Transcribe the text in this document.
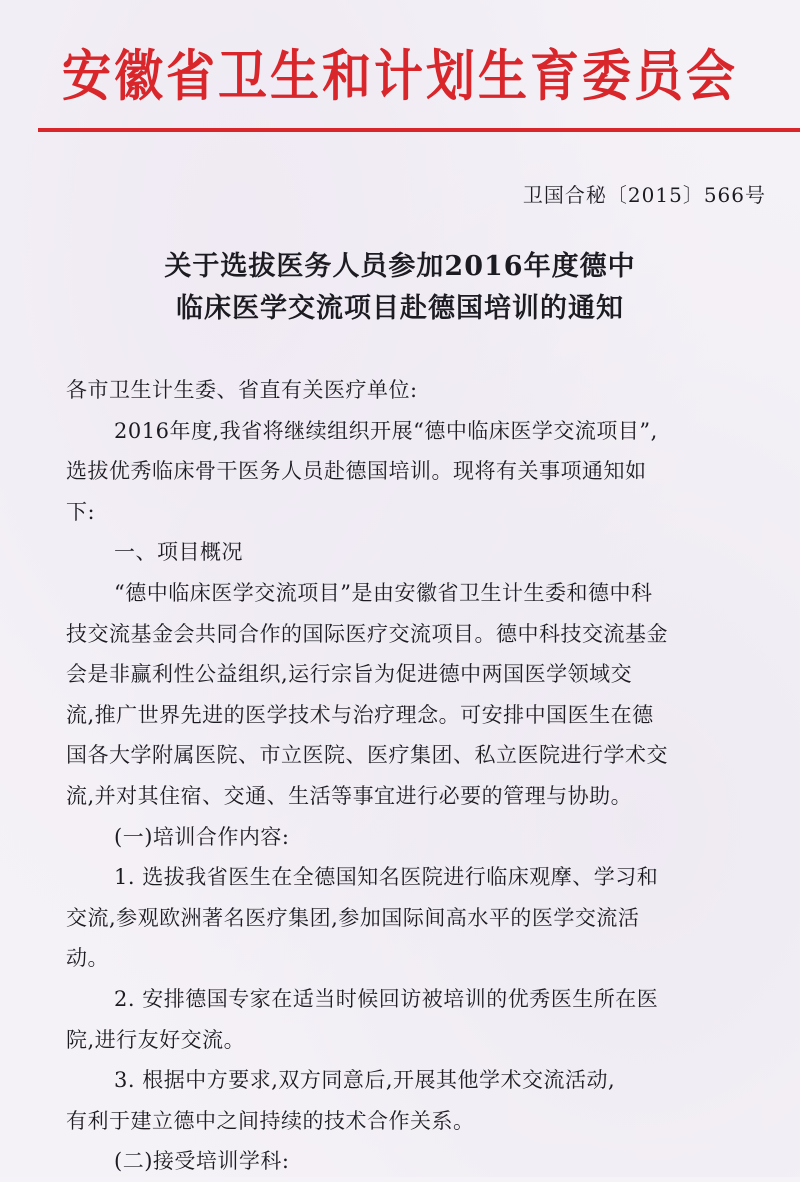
安徽省卫生和计划生育委员会
卫国合秘〔2015〕566号
关于选拔医务人员参加2016年度德中
临床医学交流项目赴德国培训的通知
各市卫生计生委、省直有关医疗单位:
2016年度,我省将继续组织开展“德中临床医学交流项目”,
选拔优秀临床骨干医务人员赴德国培训。现将有关事项通知如
下:
一、项目概况
“德中临床医学交流项目”是由安徽省卫生计生委和德中科
技交流基金会共同合作的国际医疗交流项目。德中科技交流基金
会是非赢利性公益组织,运行宗旨为促进德中两国医学领域交
流,推广世界先进的医学技术与治疗理念。可安排中国医生在德
国各大学附属医院、市立医院、医疗集团、私立医院进行学术交
流,并对其住宿、交通、生活等事宜进行必要的管理与协助。
(一)培训合作内容:
1. 选拔我省医生在全德国知名医院进行临床观摩、学习和
交流,参观欧洲著名医疗集团,参加国际间高水平的医学交流活
动。
2. 安排德国专家在适当时候回访被培训的优秀医生所在医
院,进行友好交流。
3. 根据中方要求,双方同意后,开展其他学术交流活动,
有利于建立德中之间持续的技术合作关系。
(二)接受培训学科:
